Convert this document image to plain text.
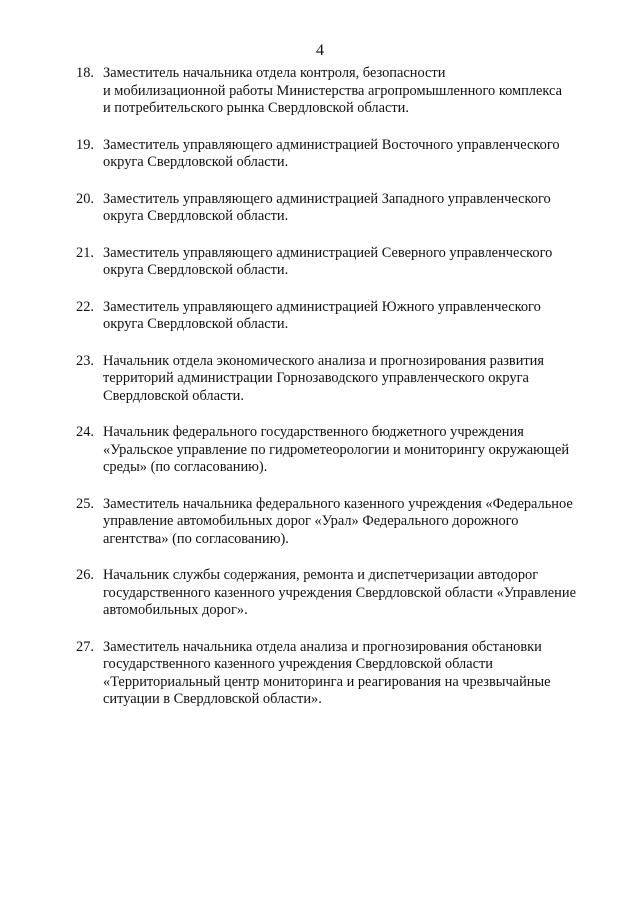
4
18. Заместитель начальника отдела контроля, безопасности
и мобилизационной работы Министерства агропромышленного комплекса
и потребительского рынка Свердловской области.
19. Заместитель управляющего администрацией Восточного управленческого
округа Свердловской области.
20. Заместитель управляющего администрацией Западного управленческого
округа Свердловской области.
21. Заместитель управляющего администрацией Северного управленческого
округа Свердловской области.
22. Заместитель управляющего администрацией Южного управленческого
округа Свердловской области.
23. Начальник отдела экономического анализа и прогнозирования развития
территорий администрации Горнозаводского управленческого округа
Свердловской области.
24. Начальник федерального государственного бюджетного учреждения
«Уральское управление по гидрометеорологии и мониторингу окружающей
среды» (по согласованию).
25. Заместитель начальника федерального казенного учреждения «Федеральное
управление автомобильных дорог «Урал» Федерального дорожного
агентства» (по согласованию).
26. Начальник службы содержания, ремонта и диспетчеризации автодорог
государственного казенного учреждения Свердловской области «Управление
автомобильных дорог».
27. Заместитель начальника отдела анализа и прогнозирования обстановки
государственного казенного учреждения Свердловской области
«Территориальный центр мониторинга и реагирования на чрезвычайные
ситуации в Свердловской области».
